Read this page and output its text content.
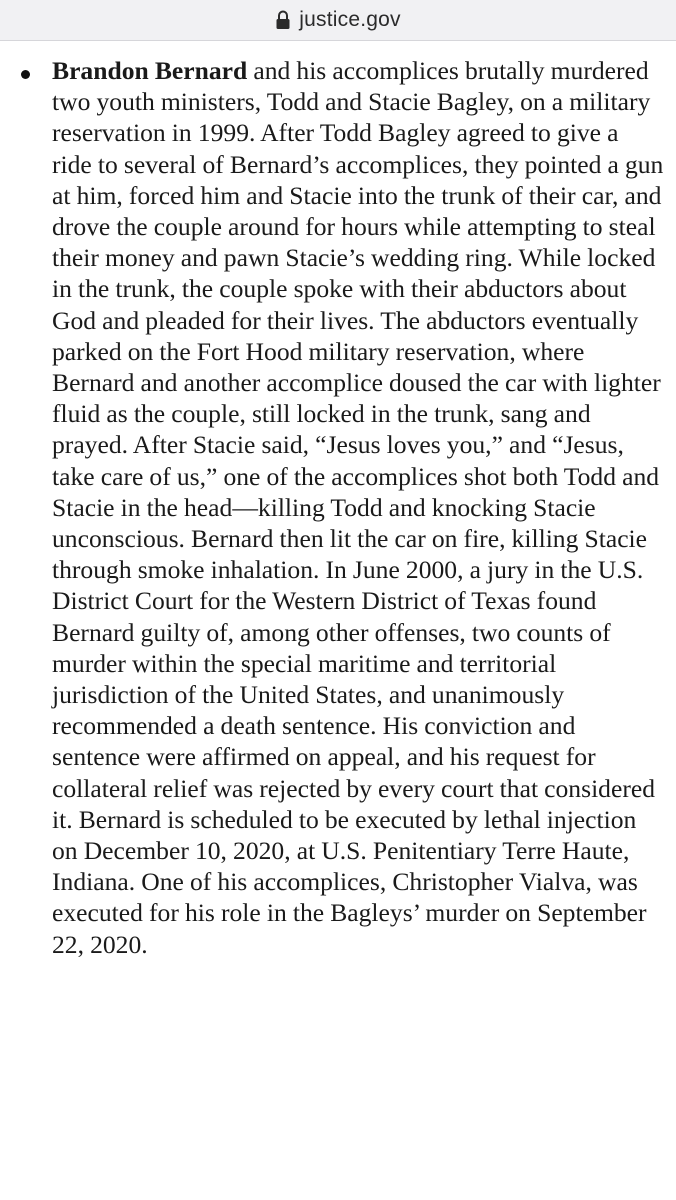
justice.gov

Brandon Bernard and his accomplices brutally murdered two youth ministers, Todd and Stacie Bagley, on a military reservation in 1999. After Todd Bagley agreed to give a ride to several of Bernard’s accomplices, they pointed a gun at him, forced him and Stacie into the trunk of their car, and drove the couple around for hours while attempting to steal their money and pawn Stacie’s wedding ring. While locked in the trunk, the couple spoke with their abductors about God and pleaded for their lives. The abductors eventually parked on the Fort Hood military reservation, where Bernard and another accomplice doused the car with lighter fluid as the couple, still locked in the trunk, sang and prayed. After Stacie said, “Jesus loves you,” and “Jesus, take care of us,” one of the accomplices shot both Todd and Stacie in the head—killing Todd and knocking Stacie unconscious. Bernard then lit the car on fire, killing Stacie through smoke inhalation. In June 2000, a jury in the U.S. District Court for the Western District of Texas found Bernard guilty of, among other offenses, two counts of murder within the special maritime and territorial jurisdiction of the United States, and unanimously recommended a death sentence. His conviction and sentence were affirmed on appeal, and his request for collateral relief was rejected by every court that considered it. Bernard is scheduled to be executed by lethal injection on December 10, 2020, at U.S. Penitentiary Terre Haute, Indiana. One of his accomplices, Christopher Vialva, was executed for his role in the Bagleys’ murder on September 22, 2020.
